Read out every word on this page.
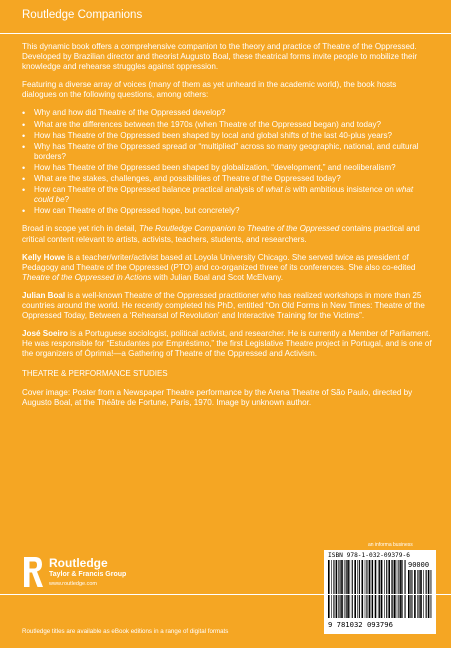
Routledge Companions

This dynamic book offers a comprehensive companion to the theory and practice of Theatre of the Oppressed. Developed by Brazilian director and theorist Augusto Boal, these theatrical forms invite people to mobilize their knowledge and rehearse struggles against oppression.

Featuring a diverse array of voices (many of them as yet unheard in the academic world), the book hosts dialogues on the following questions, among others:

• Why and how did Theatre of the Oppressed develop?
• What are the differences between the 1970s (when Theatre of the Oppressed began) and today?
• How has Theatre of the Oppressed been shaped by local and global shifts of the last 40-plus years?
• Why has Theatre of the Oppressed spread or “multiplied” across so many geographic, national, and cultural borders?
• How has Theatre of the Oppressed been shaped by globalization, “development,” and neoliberalism?
• What are the stakes, challenges, and possibilities of Theatre of the Oppressed today?
• How can Theatre of the Oppressed balance practical analysis of what is with ambitious insistence on what could be?
• How can Theatre of the Oppressed hope, but concretely?

Broad in scope yet rich in detail, The Routledge Companion to Theatre of the Oppressed contains practical and critical content relevant to artists, activists, teachers, students, and researchers.

Kelly Howe is a teacher/writer/activist based at Loyola University Chicago. She served twice as president of Pedagogy and Theatre of the Oppressed (PTO) and co-organized three of its conferences. She also co-edited Theatre of the Oppressed in Actions with Julian Boal and Scot McElvany.

Julian Boal is a well-known Theatre of the Oppressed practitioner who has realized workshops in more than 25 countries around the world. He recently completed his PhD, entitled “On Old Forms in New Times: Theatre of the Oppressed Today, Between a ‘Rehearsal of Revolution’ and Interactive Training for the Victims”.

José Soeiro is a Portuguese sociologist, political activist, and researcher. He is currently a Member of Parliament. He was responsible for “Estudantes por Empréstimo,” the first Legislative Theatre project in Portugal, and is one of the organizers of Óprima!—a Gathering of Theatre of the Oppressed and Activism.

THEATRE & PERFORMANCE STUDIES

Cover image: Poster from a Newspaper Theatre performance by the Arena Theatre of São Paulo, directed by Augusto Boal, at the Théâtre de Fortune, Paris, 1970. Image by unknown author.

Routledge
Taylor & Francis Group
www.routledge.com
an informa business
ISBN 978-1-032-09379-6
90000
9 781032 093796
Routledge titles are available as eBook editions in a range of digital formats
